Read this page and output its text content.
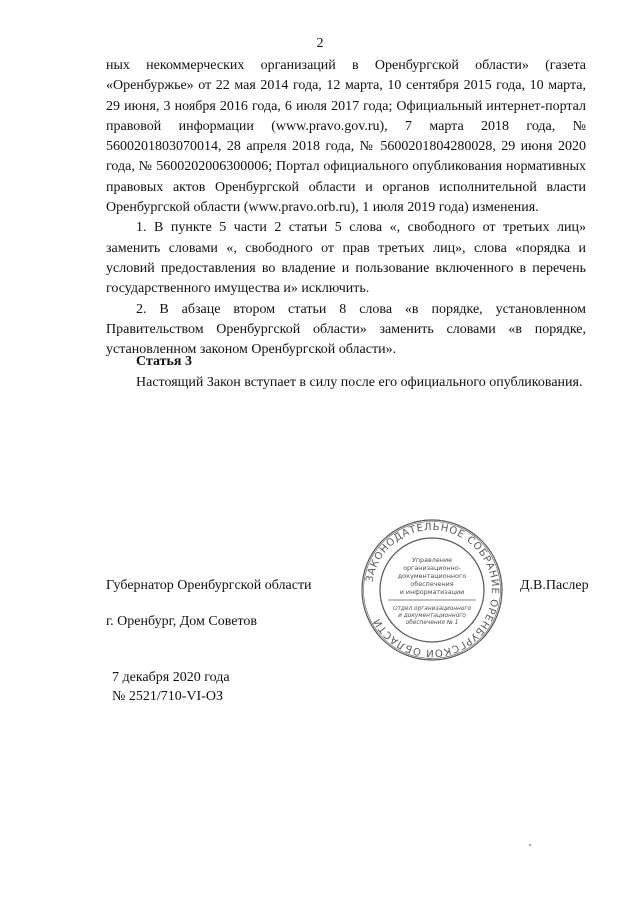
2

ных некоммерческих организаций в Оренбургской области» (газета «Оренбуржье» от 22 мая 2014 года, 12 марта, 10 сентября 2015 года, 10 марта, 29 июня, 3 ноября 2016 года, 6 июля 2017 года; Официальный интернет-портал правовой информации (www.pravo.gov.ru), 7 марта 2018 года, № 5600201803070014, 28 апреля 2018 года, № 5600201804280028, 29 июня 2020 года, № 5600202006300006; Портал официального опубликования нормативных правовых актов Оренбургской области и органов исполнительной власти Оренбургской области (www.pravo.orb.ru), 1 июля 2019 года) изменения.

1. В пункте 5 части 2 статьи 5 слова «, свободного от третьих лиц» заменить словами «, свободного от прав третьих лиц», слова «порядка и условий предоставления во владение и пользование включенного в перечень государственного имущества и» исключить.

2. В абзаце втором статьи 8 слова «в порядке, установленном Правительством Оренбургской области» заменить словами «в порядке, установленном законом Оренбургской области».

Статья 3

Настоящий Закон вступает в силу после его официального опубликования.

Губернатор Оренбургской области	Д.В.Паслер
г. Оренбург, Дом Советов
7 декабря 2020 года
№ 2521/710-VI-ОЗ
ЗАКОНОДАТЕЛЬНОЕ СОБРАНИЕ ОРЕНБУРГСКОЙ ОБЛАСТИ
Управление
организационно-
документационного
обеспечения
и информатизации
Отдел организационного
и документационного
обеспечения № 1
